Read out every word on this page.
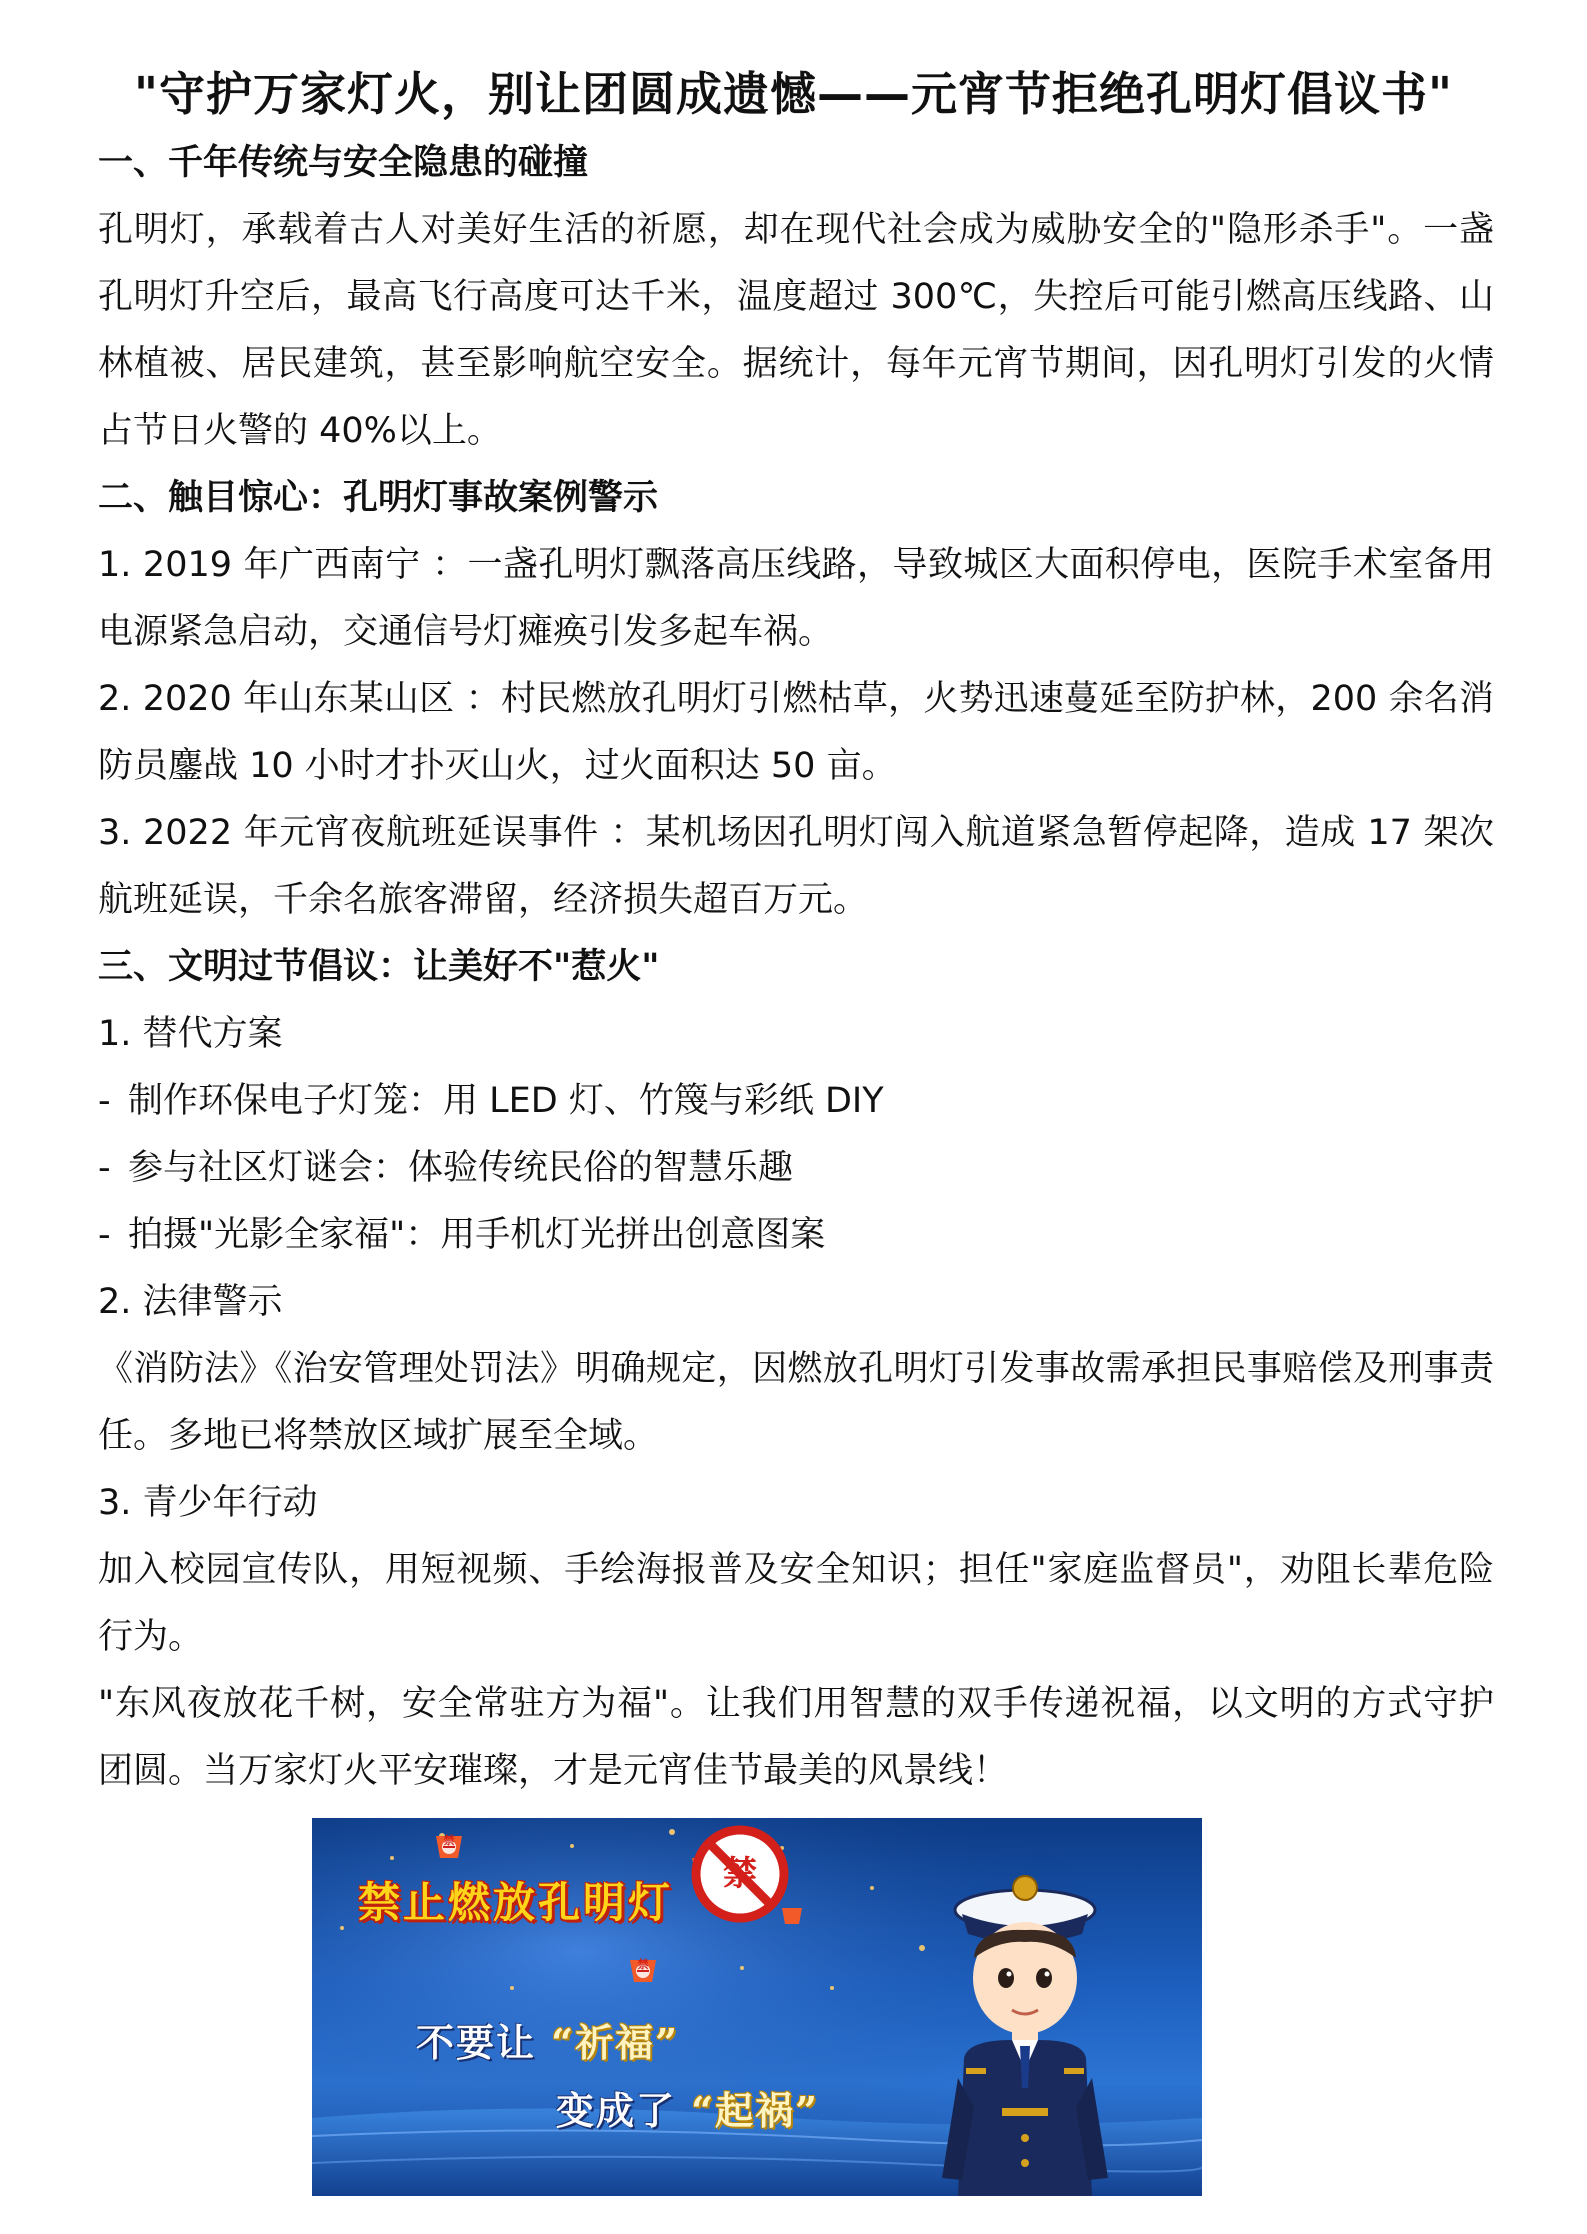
"守护万家灯火，别让团圆成遗憾——元宵节拒绝孔明灯倡议书"
一、千年传统与安全隐患的碰撞
孔明灯，承载着古人对美好生活的祈愿，却在现代社会成为威胁安全的"隐形杀手"。一盏孔明灯升空后，最高飞行高度可达千米，温度超过 300℃，失控后可能引燃高压线路、山林植被、居民建筑，甚至影响航空安全。据统计，每年元宵节期间，因孔明灯引发的火情占节日火警的 40%以上。
二、触目惊心：孔明灯事故案例警示
1. 2019 年广西南宁 ：一盏孔明灯飘落高压线路，导致城区大面积停电，医院手术室备用电源紧急启动，交通信号灯瘫痪引发多起车祸。
2. 2020 年山东某山区 ：村民燃放孔明灯引燃枯草，火势迅速蔓延至防护林，200 余名消防员鏖战 10 小时才扑灭山火，过火面积达 50 亩。
3. 2022 年元宵夜航班延误事件 ：某机场因孔明灯闯入航道紧急暂停起降，造成 17 架次航班延误，千余名旅客滞留，经济损失超百万元。
三、文明过节倡议：让美好不"惹火"
1. 替代方案
- 制作环保电子灯笼：用 LED 灯、竹篾与彩纸 DIY
- 参与社区灯谜会：体验传统民俗的智慧乐趣
- 拍摄"光影全家福"：用手机灯光拼出创意图案
2. 法律警示
《消防法》《治安管理处罚法》明确规定，因燃放孔明灯引发事故需承担民事赔偿及刑事责任。多地已将禁放区域扩展至全域。
3. 青少年行动
加入校园宣传队，用短视频、手绘海报普及安全知识；担任"家庭监督员"，劝阻长辈危险行为。
"东风夜放花千树，安全常驻方为福"。让我们用智慧的双手传递祝福，以文明的方式守护团圆。当万家灯火平安璀璨，才是元宵佳节最美的风景线！
禁
禁
禁
禁止燃放孔明灯
不要让 “祈福”
变成了 “起祸”
